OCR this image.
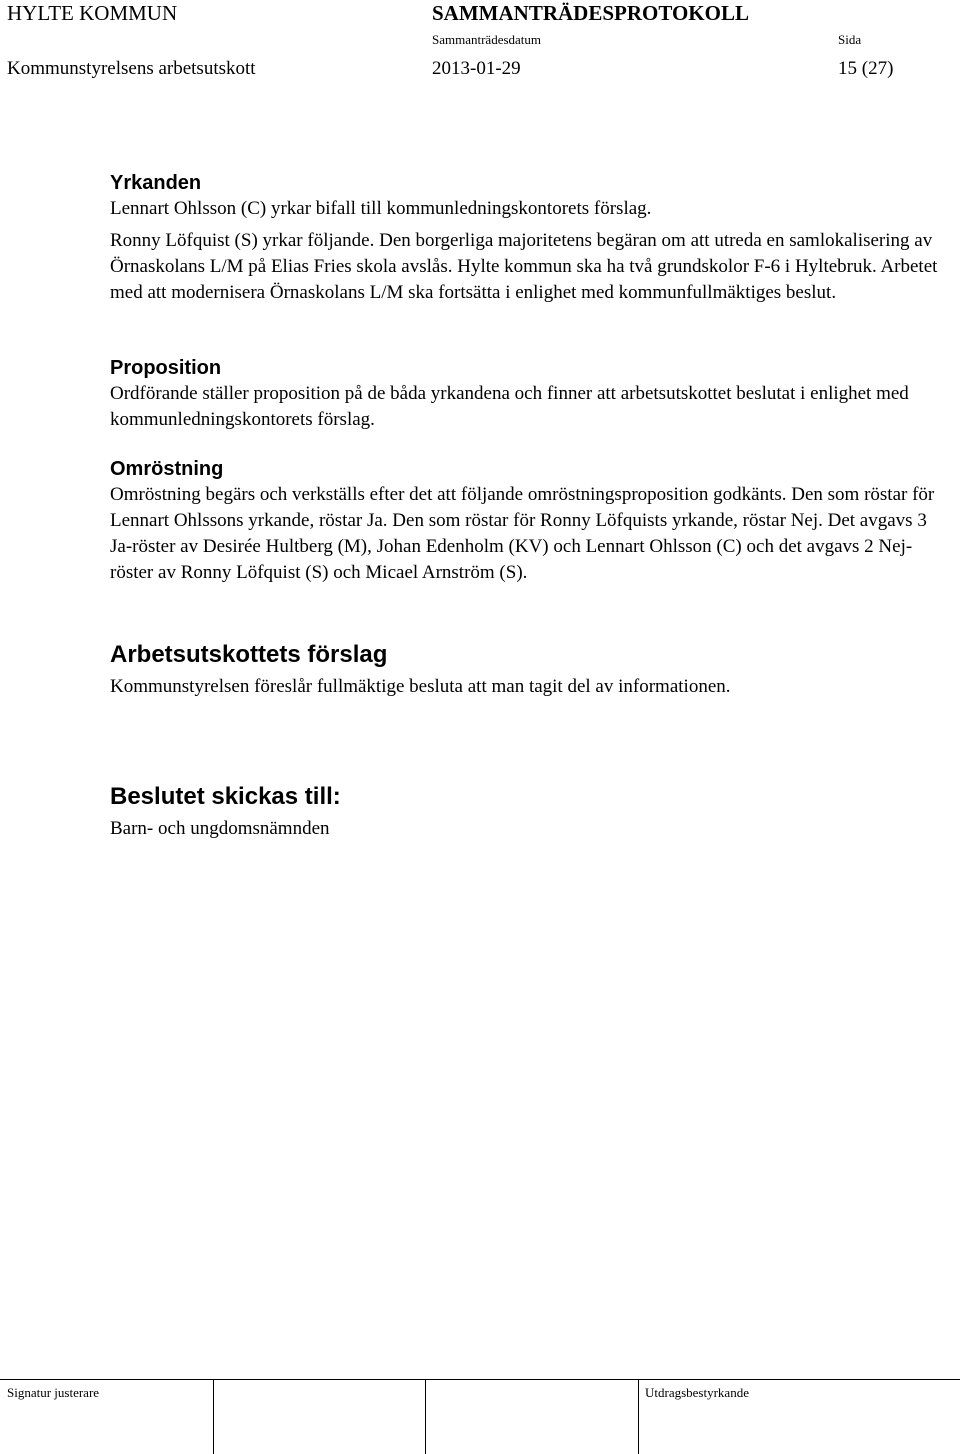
HYLTE KOMMUN	SAMMANTRÄDESPROTOKOLL
Sammanträdesdatum	Sida
Kommunstyrelsens arbetsutskott	2013-01-29	15 (27)
Yrkanden

Lennart Ohlsson (C) yrkar bifall till kommunledningskontorets förslag.

Ronny Löfquist (S) yrkar följande. Den borgerliga majoritetens begäran om att utreda en samlokalisering av Örnaskolans L/M på Elias Fries skola avslås. Hylte kommun ska ha två grundskolor F-6 i Hyltebruk. Arbetet med att modernisera Örnaskolans L/M ska fortsätta i enlighet med kommunfullmäktiges beslut.

Proposition

Ordförande ställer proposition på de båda yrkandena och finner att arbetsutskottet beslutat i enlighet med kommunledningskontorets förslag.

Omröstning

Omröstning begärs och verkställs efter det att följande omröstningsproposition godkänts. Den som röstar för Lennart Ohlssons yrkande, röstar Ja. Den som röstar för Ronny Löfquists yrkande, röstar Nej. Det avgavs 3 Ja-röster av Desirée Hultberg (M), Johan Edenholm (KV) och Lennart Ohlsson (C) och det avgavs 2 Nej-röster av Ronny Löfquist (S) och Micael Arnström (S).

Arbetsutskottets förslag

Kommunstyrelsen föreslår fullmäktige besluta att man tagit del av informationen.

Beslutet skickas till:

Barn- och ungdomsnämnden

Signatur justerare	Utdragsbestyrkande
